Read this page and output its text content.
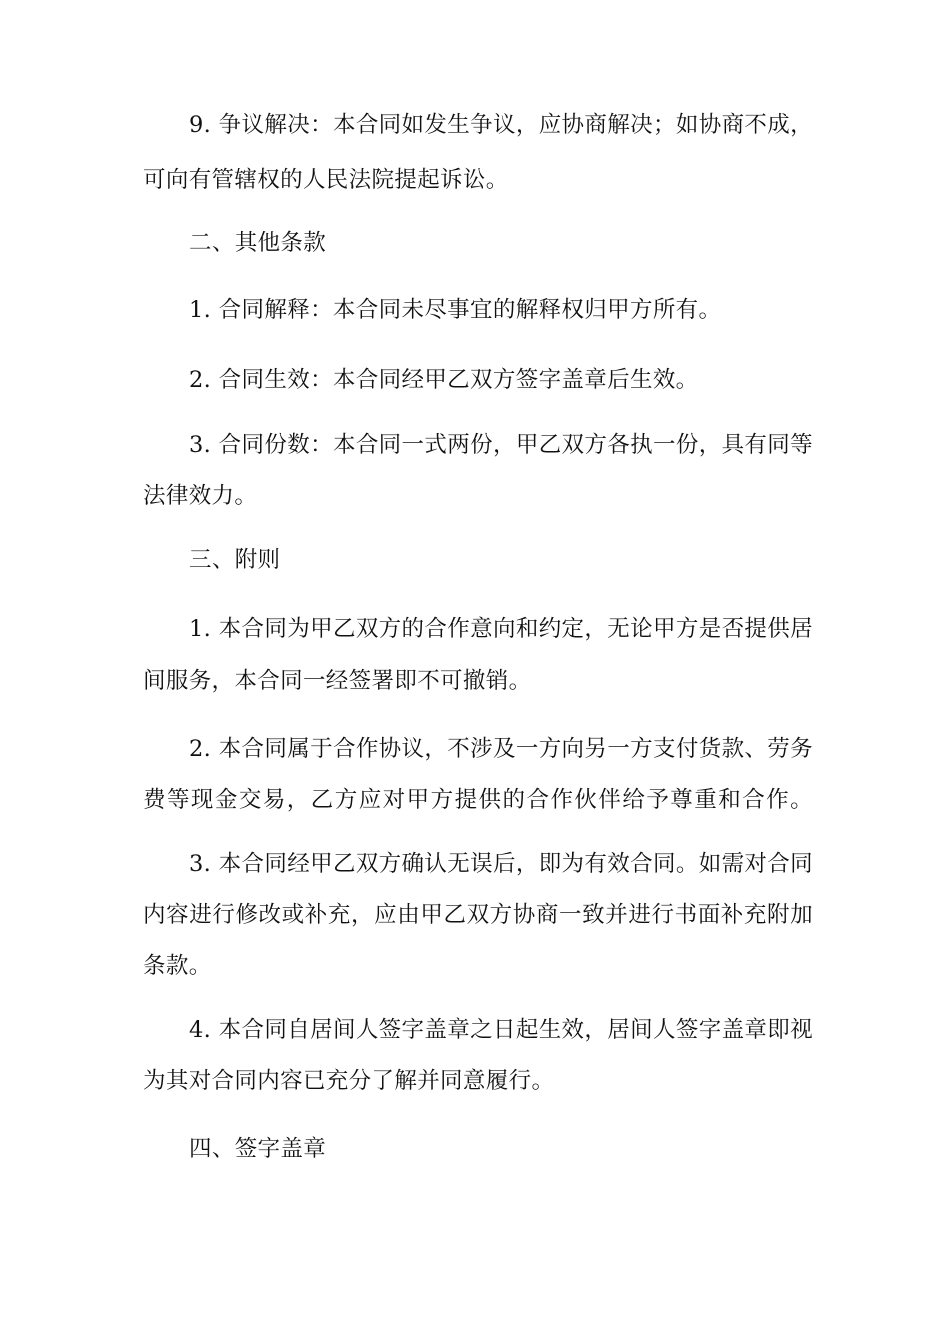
9. 争议解决：本合同如发生争议，应协商解决；如协商不成，
可向有管辖权的人民法院提起诉讼。
二、其他条款
1. 合同解释：本合同未尽事宜的解释权归甲方所有。
2. 合同生效：本合同经甲乙双方签字盖章后生效。
3. 合同份数：本合同一式两份，甲乙双方各执一份，具有同等
法律效力。
三、附则
1. 本合同为甲乙双方的合作意向和约定，无论甲方是否提供居
间服务，本合同一经签署即不可撤销。
2. 本合同属于合作协议，不涉及一方向另一方支付货款、劳务
费等现金交易，乙方应对甲方提供的合作伙伴给予尊重和合作。
3. 本合同经甲乙双方确认无误后，即为有效合同。如需对合同
内容进行修改或补充，应由甲乙双方协商一致并进行书面补充附加
条款。
4. 本合同自居间人签字盖章之日起生效，居间人签字盖章即视
为其对合同内容已充分了解并同意履行。
四、签字盖章
